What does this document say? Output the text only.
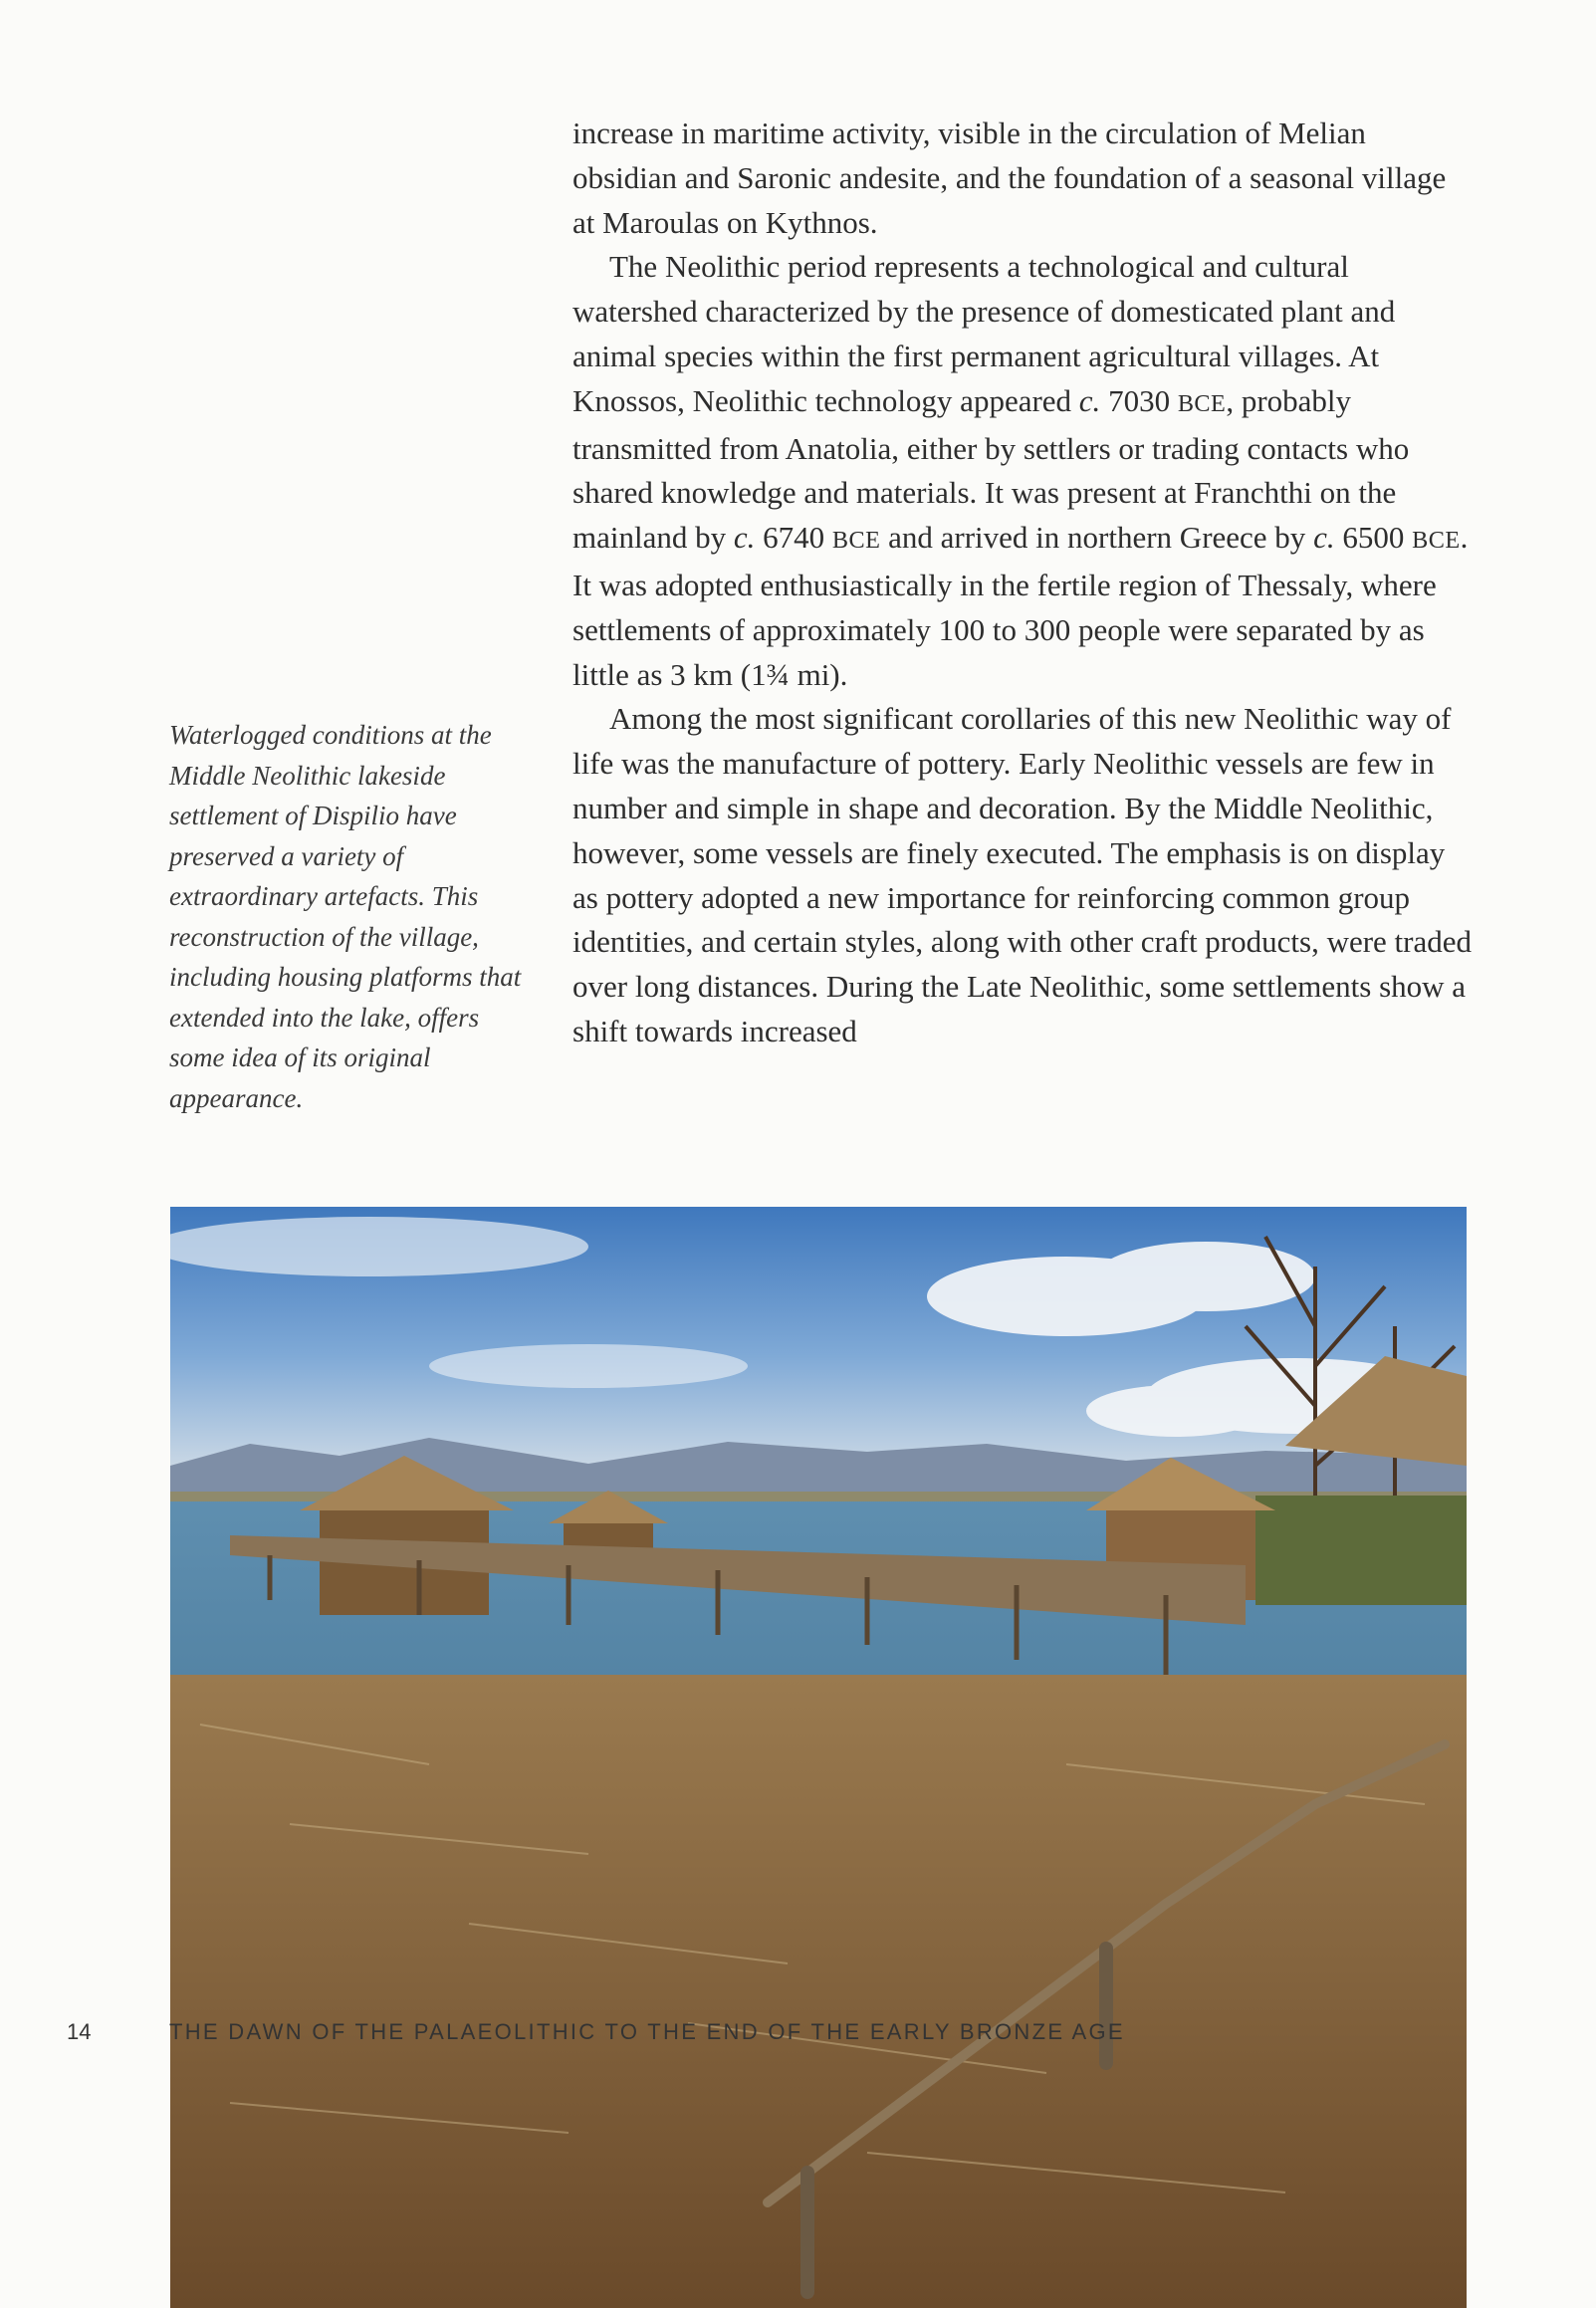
increase in maritime activity, visible in the circulation of Melian obsidian and Saronic andesite, and the foundation of a seasonal village at Maroulas on Kythnos.

The Neolithic period represents a technological and cultural watershed characterized by the presence of domesticated plant and animal species within the first permanent agricultural villages. At Knossos, Neolithic technology appeared c. 7030 BCE, probably transmitted from Anatolia, either by settlers or trading contacts who shared knowledge and materials. It was present at Franchthi on the mainland by c. 6740 BCE and arrived in northern Greece by c. 6500 BCE. It was adopted enthusiastically in the fertile region of Thessaly, where settlements of approximately 100 to 300 people were separated by as little as 3 km (1¾ mi).

Among the most significant corollaries of this new Neolithic way of life was the manufacture of pottery. Early Neolithic vessels are few in number and simple in shape and decoration. By the Middle Neolithic, however, some vessels are finely executed. The emphasis is on display as pottery adopted a new importance for reinforcing common group identities, and certain styles, along with other craft products, were traded over long distances. During the Late Neolithic, some settlements show a shift towards increased

Waterlogged conditions at the Middle Neolithic lakeside settlement of Dispilio have preserved a variety of extraordinary artefacts. This reconstruction of the village, including housing platforms that extended into the lake, offers some idea of its original appearance.
14	THE DAWN OF THE PALAEOLITHIC TO THE END OF THE EARLY BRONZE AGE
